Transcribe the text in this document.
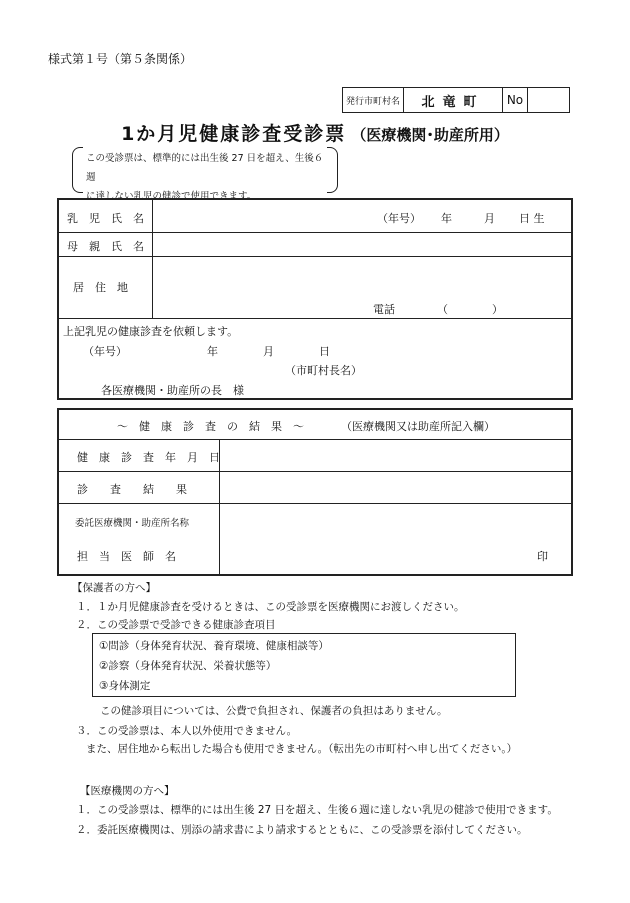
様式第１号（第５条関係）
発行市町村名	北竜町	No
1か月児健康診査受診票 （医療機関･助産所用）
この受診票は、標準的には出生後 27 日を超え、生後６週
に達しない乳児の健診で使用できます。
乳　児　氏　名	（年号） 年	月 日 生
母　親　氏　名
居　住　地
電話	（　　　　）
上記乳児の健康診査を依頼します。
（年号）	年	月	日
（市町村長名）
各医療機関・助産所の長　様
～　健　康　診　査　の　結　果　～	（医療機関又は助産所記入欄）
健　康　診　査　年　月　日
診　　査　　結　　果
委託医療機関・助産所名称
担　当　医　師　名	印
【保護者の方へ】
１．１か月児健康診査を受けるときは、この受診票を医療機関にお渡しください。
２．この受診票で受診できる健康診査項目
①問診（身体発育状況、養育環境、健康相談等）
②診察（身体発育状況、栄養状態等）
③身体測定
この健診項目については、公費で負担され、保護者の負担はありません。
３．この受診票は、本人以外使用できません。
また、居住地から転出した場合も使用できません。（転出先の市町村へ申し出てください。）
【医療機関の方へ】
１．この受診票は、標準的には出生後 27 日を超え、生後６週に達しない乳児の健診で使用できます。
２．委託医療機関は、別添の請求書により請求するとともに、この受診票を添付してください。
